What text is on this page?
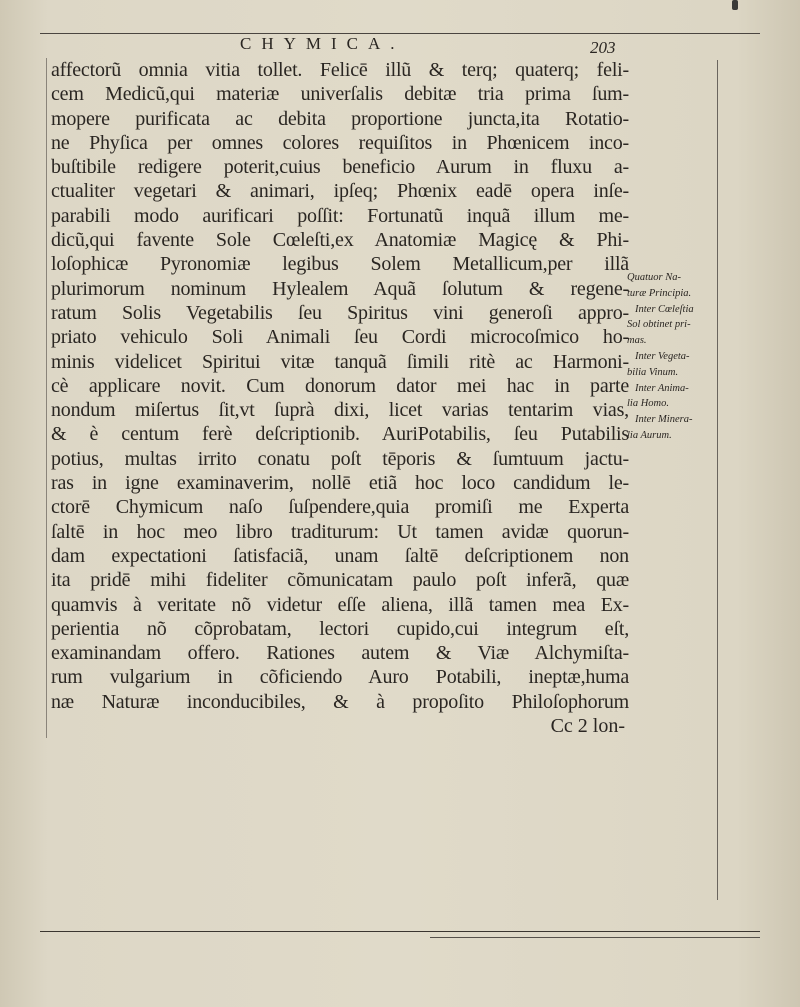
CHYMICA.	203
affectorũ omnia vitia tollet. Felicē illũ & terq; quaterq; feli-
cem Medicũ,qui materiæ univerſalis debitæ tria prima ſum-
mopere purificata ac debita proportione juncta,ita Rotatio-
ne Phyſica per omnes colores requiſitos in Phœnicem inco-
buſtibile redigere poterit,cuius beneficio Aurum in fluxu a-
ctualiter vegetari & animari, ipſeq; Phœnix eadē opera inſe-
parabili modo aurificari poſſit: Fortunatũ inquã illum me-
dicũ,qui favente Sole Cœleſti,ex Anatomiæ Magicę & Phi-
loſophicæ Pyronomiæ legibus Solem Metallicum,per illã
plurimorum nominum Hylealem Aquã ſolutum & regene-
ratum Solis Vegetabilis ſeu Spiritus vini generoſi appro-
priato vehiculo Soli Animali ſeu Cordi microcoſmico ho-
minis videlicet Spiritui vitæ tanquã ſimili ritè ac Harmoni-
cè applicare novit. Cum donorum dator mei hac in parte
nondum miſertus ſit,vt ſuprà dixi, licet varias tentarim vias,
& è centum ferè deſcriptionib. AuriPotabilis, ſeu Putabilis
potius, multas irrito conatu poſt tēporis & ſumtuum jactu-
ras in igne examinaverim, nollē etiã hoc loco candidum le-
ctorē Chymicum naſo ſuſpendere,quia promiſi me Experta
ſaltē in hoc meo libro traditurum: Ut tamen avidæ quorun-
dam expectationi ſatisfaciã, unam ſaltē deſcriptionem non
ita pridē mihi fideliter cõmunicatam paulo poſt inferã, quæ
quamvis à veritate nõ videtur eſſe aliena, illã tamen mea Ex-
perientia nõ cõprobatam, lectori cupido,cui integrum eſt,
examinandam offero. Rationes autem & Viæ Alchymiſta-
rum vulgarium in cõficiendo Auro Potabili, ineptæ,huma
næ Naturæ inconducibiles, & à propoſito Philoſophorum
Cc 2 lon-
Quatuor Na-
turæ Principia.
Inter Cœleſtia
Sol obtinet pri-
mas.
Inter Vegeta-
bilia Vinum.
Inter Anima-
lia Homo.
Inter Minera-
lia Aurum.
